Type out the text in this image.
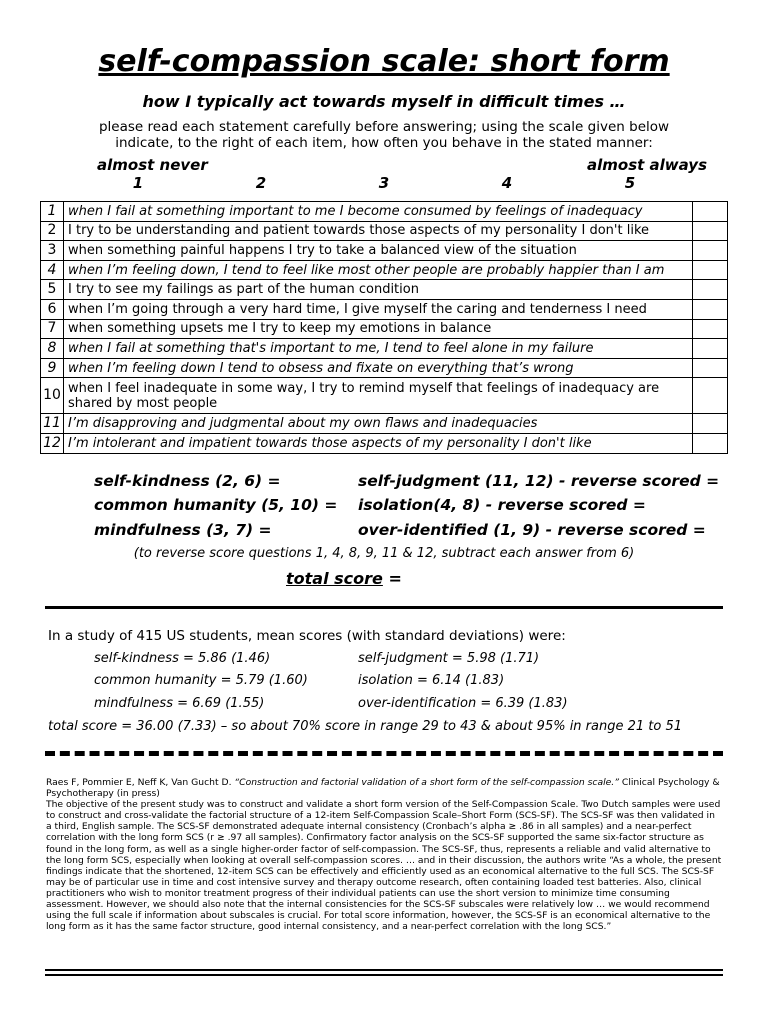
self-compassion scale: short form
how I typically act towards myself in difficult times …
please read each statement carefully before answering; using the scale given below
indicate, to the right of each item, how often you behave in the stated manner:
almost never	almost always
1	2	3	4	5
1	when I fail at something important to me I become consumed by feelings of inadequacy	
2	I try to be understanding and patient towards those aspects of my personality I don't like	
3	when something painful happens I try to take a balanced view of the situation	
4	when I’m feeling down, I tend to feel like most other people are probably happier than I am	
5	I try to see my failings as part of the human condition	
6	when I’m going through a very hard time, I give myself the caring and tenderness I need	
7	when something upsets me I try to keep my emotions in balance	
8	when I fail at something that's important to me, I tend to feel alone in my failure	
9	when I’m feeling down I tend to obsess and fixate on everything that’s wrong	
10	when I feel inadequate in some way, I try to remind myself that feelings of inadequacy are shared by most people	
11	I’m disapproving and judgmental about my own flaws and inadequacies	
12	I’m intolerant and impatient towards those aspects of my personality I don't like	
self-kindness (2, 6) =
common humanity (5, 10) =
mindfulness (3, 7) =
self-judgment (11, 12) - reverse scored =
isolation(4, 8) - reverse scored =
over-identified (1, 9) - reverse scored =
(to reverse score questions 1, 4, 8, 9, 11 & 12, subtract each answer from 6)
total score =
In a study of 415 US students, mean scores (with standard deviations) were:
self-kindness = 5.86 (1.46)
common humanity = 5.79 (1.60)
mindfulness = 6.69 (1.55)
self-judgment = 5.98 (1.71)
isolation = 6.14 (1.83)
over-identification = 6.39 (1.83)
total score = 36.00 (7.33) – so about 70% score in range 29 to 43 & about 95% in range 21 to 51

Raes F, Pommier E, Neff K, Van Gucht D. “Construction and factorial validation of a short form of the self-compassion scale.” Clinical Psychology & Psychotherapy (in press)

The objective of the present study was to construct and validate a short form version of the Self-Compassion Scale. Two Dutch samples were used to construct and cross-validate the factorial structure of a 12-item Self-Compassion Scale–Short Form (SCS-SF). The SCS-SF was then validated in a third, English sample. The SCS-SF demonstrated adequate internal consistency (Cronbach’s alpha ≥ .86 in all samples) and a near-perfect correlation with the long form SCS (r ≥ .97 all samples). Confirmatory factor analysis on the SCS-SF supported the same six-factor structure as found in the long form, as well as a single higher-order factor of self-compassion. The SCS-SF, thus, represents a reliable and valid alternative to the long form SCS, especially when looking at overall self-compassion scores. … and in their discussion, the authors write “As a whole, the present findings indicate that the shortened, 12-item SCS can be effectively and efficiently used as an economical alternative to the full SCS. The SCS-SF may be of particular use in time and cost intensive survey and therapy outcome research, often containing loaded test batteries. Also, clinical practitioners who wish to monitor treatment progress of their individual patients can use the short version to minimize time consuming assessment. However, we should also note that the internal consistencies for the SCS-SF subscales were relatively low … we would recommend using the full scale if information about subscales is crucial. For total score information, however, the SCS-SF is an economical alternative to the long form as it has the same factor structure, good internal consistency, and a near-perfect correlation with the long SCS.”
